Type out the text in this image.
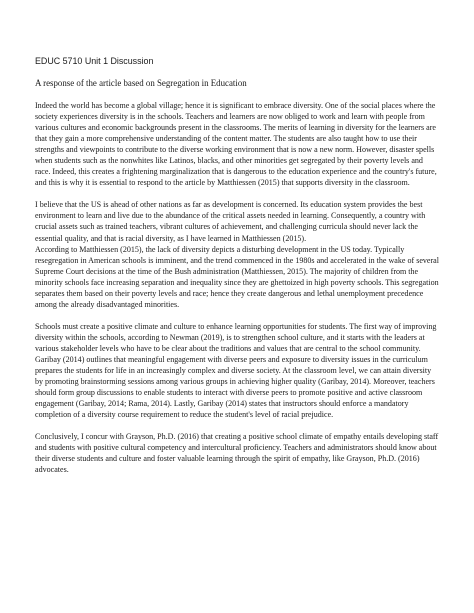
EDUC 5710 Unit 1 Discussion

A response of the article based on Segregation in Education

Indeed the world has become a global village; hence it is significant to embrace diversity. One of the social places where the society experiences diversity is in the schools. Teachers and learners are now obliged to work and learn with people from various cultures and economic backgrounds present in the classrooms. The merits of learning in diversity for the learners are that they gain a more comprehensive understanding of the content matter. The students are also taught how to use their strengths and viewpoints to contribute to the diverse working environment that is now a new norm. However, disaster spells when students such as the nonwhites like Latinos, blacks, and other minorities get segregated by their poverty levels and race. Indeed, this creates a frightening marginalization that is dangerous to the education experience and the country's future, and this is why it is essential to respond to the article by Matthiessen (2015) that supports diversity in the classroom.

I believe that the US is ahead of other nations as far as development is concerned. Its education system provides the best environment to learn and live due to the abundance of the critical assets needed in learning. Consequently, a country with crucial assets such as trained teachers, vibrant cultures of achievement, and challenging curricula should never lack the essential quality, and that is racial diversity, as I have learned in Matthiessen (2015).

According to Matthiessen (2015), the lack of diversity depicts a disturbing development in the US today. Typically resegregation in American schools is imminent, and the trend commenced in the 1980s and accelerated in the wake of several Supreme Court decisions at the time of the Bush administration (Matthiessen, 2015). The majority of children from the minority schools face increasing separation and inequality since they are ghettoized in high poverty schools. This segregation separates them based on their poverty levels and race; hence they create dangerous and lethal unemployment precedence among the already disadvantaged minorities.

Schools must create a positive climate and culture to enhance learning opportunities for students. The first way of improving diversity within the schools, according to Newman (2019), is to strengthen school culture, and it starts with the leaders at various stakeholder levels who have to be clear about the traditions and values that are central to the school community. Garibay (2014) outlines that meaningful engagement with diverse peers and exposure to diversity issues in the curriculum prepares the students for life in an increasingly complex and diverse society. At the classroom level, we can attain diversity by promoting brainstorming sessions among various groups in achieving higher quality (Garibay, 2014). Moreover, teachers should form group discussions to enable students to interact with diverse peers to promote positive and active classroom engagement (Garibay, 2014; Rama, 2014). Lastly, Garibay (2014) states that instructors should enforce a mandatory completion of a diversity course requirement to reduce the student's level of racial prejudice.

Conclusively, I concur with Grayson, Ph.D. (2016) that creating a positive school climate of empathy entails developing staff and students with positive cultural competency and intercultural proficiency. Teachers and administrators should know about their diverse students and culture and foster valuable learning through the spirit of empathy, like Grayson, Ph.D. (2016) advocates.
